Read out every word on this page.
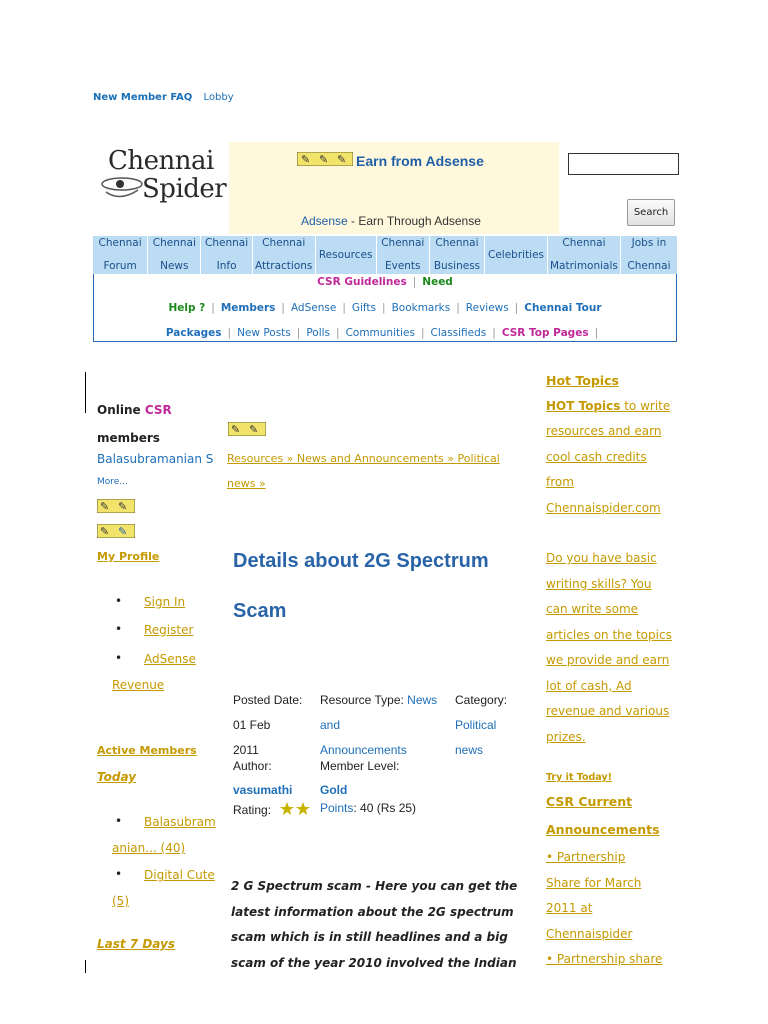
New Member FAQ Lobby
Chennai
Spider
✎ ✎ ✎ Earn from Adsense
Adsense - Earn Through Adsense
Search
Chennai
Forum
Chennai
News
Chennai
Info
Chennai
Attractions
Resources
Chennai
Events
Chennai
Business
Celebrities
Chennai
Matrimonials
Jobs in
Chennai
CSR Guidelines | Need
Help ? | Members | AdSense | Gifts | Bookmarks | Reviews | Chennai Tour
Packages | New Posts | Polls | Communities | Classifieds | CSR Top Pages |
Online CSR
members
Balasubramanian S
More...
✎ ✎
✎ ✎
My Profile
• Sign In
• Register
• AdSense
Revenue
Active Members
Today
• Balasubram
anian... (40)
• Digital Cute
(5)
Last 7 Days
✎ ✎
Resources » News and Announcements » Political
news »
Details about 2G Spectrum
Scam
Posted Date:
01 Feb
2011
Author:
vasumathi
Rating:
Resource Type: News
and
Announcements
Member Level:
Gold
Points: 40 (Rs 25)
Category:
Political
news
2 G Spectrum scam - Here you can get the
latest information about the 2G spectrum
scam which is in still headlines and a big
scam of the year 2010 involved the Indian
Hot Topics
HOT Topics to write
resources and earn
cool cash credits
from
Chennaispider.com
Do you have basic
writing skills? You
can write some
articles on the topics
we provide and earn
lot of cash, Ad
revenue and various
prizes.
Try it Today!
CSR Current
Announcements
• Partnership
Share for March
2011 at
Chennaispider
• Partnership share
